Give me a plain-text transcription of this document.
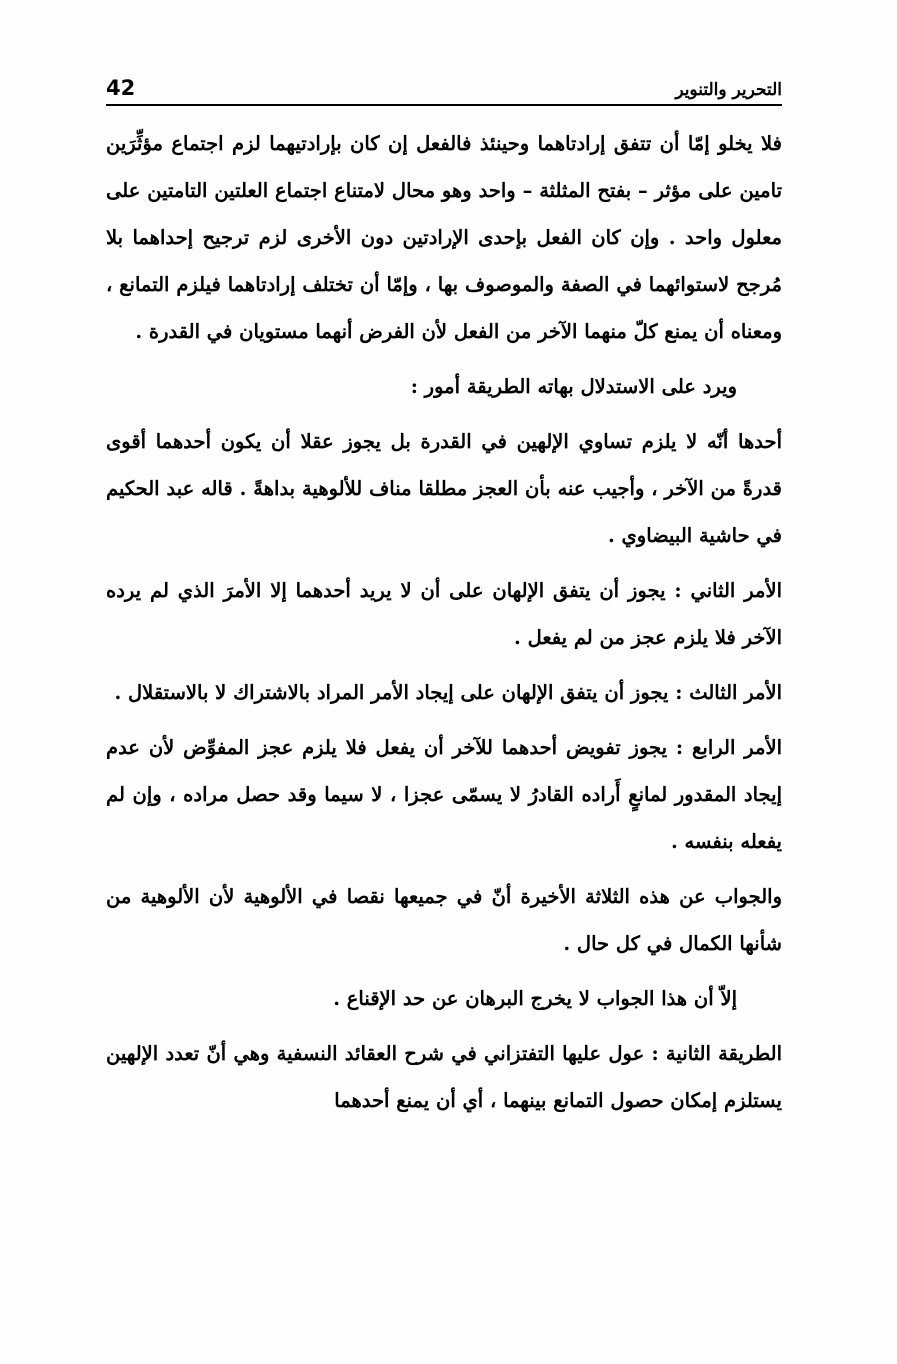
42	التحرير والتنوير

فلا يخلو إمّا أن تتفق إرادتاهما وحينئذ فالفعل إن كان بإرادتيهما لزم اجتماع مؤثِّرَين تامين على مؤثر – بفتح المثلثة – واحد وهو محال لامتناع اجتماع العلتين التامتين على معلول واحد . وإن كان الفعل بإحدى الإرادتين دون الأخرى لزم ترجيح إحداهما بلا مُرجح لاستوائهما في الصفة والموصوف بها ، وإمّا أن تختلف إرادتاهما فيلزم التمانع ، ومعناه أن يمنع كلّ منهما الآخر من الفعل لأن الفرض أنهما مستويان في القدرة .

ويرد على الاستدلال بهاته الطريقة أمور :

أحدها أنّه لا يلزم تساوي الإلهين في القدرة بل يجوز عقلا أن يكون أحدهما أقوى قدرةً من الآخر ، وأجيب عنه بأن العجز مطلقا مناف للألوهية بداهةً . قاله عبد الحكيم في حاشية البيضاوي .

الأمر الثاني : يجوز أن يتفق الإلهان على أن لا يريد أحدهما إلا الأمرَ الذي لم يرده الآخر فلا يلزم عجز من لم يفعل .

الأمر الثالث : يجوز أن يتفق الإلهان على إيجاد الأمر المراد بالاشتراك لا بالاستقلال .

الأمر الرابع : يجوز تفويض أحدهما للآخر أن يفعل فلا يلزم عجز المفوِّض لأن عدم إيجاد المقدور لمانعٍ أَراده القادرُ لا يسمّى عجزا ، لا سيما وقد حصل مراده ، وإن لم يفعله بنفسه .

والجواب عن هذه الثلاثة الأخيرة أنّ في جميعها نقصا في الألوهية لأن الألوهية من شأنها الكمال في كل حال .

إلاّ أن هذا الجواب لا يخرج البرهان عن حد الإقناع .

الطريقة الثانية : عول عليها التفتزاني في شرح العقائد النسفية وهي أنّ تعدد الإلهين يستلزم إمكان حصول التمانع بينهما ، أي أن يمنع أحدهما
